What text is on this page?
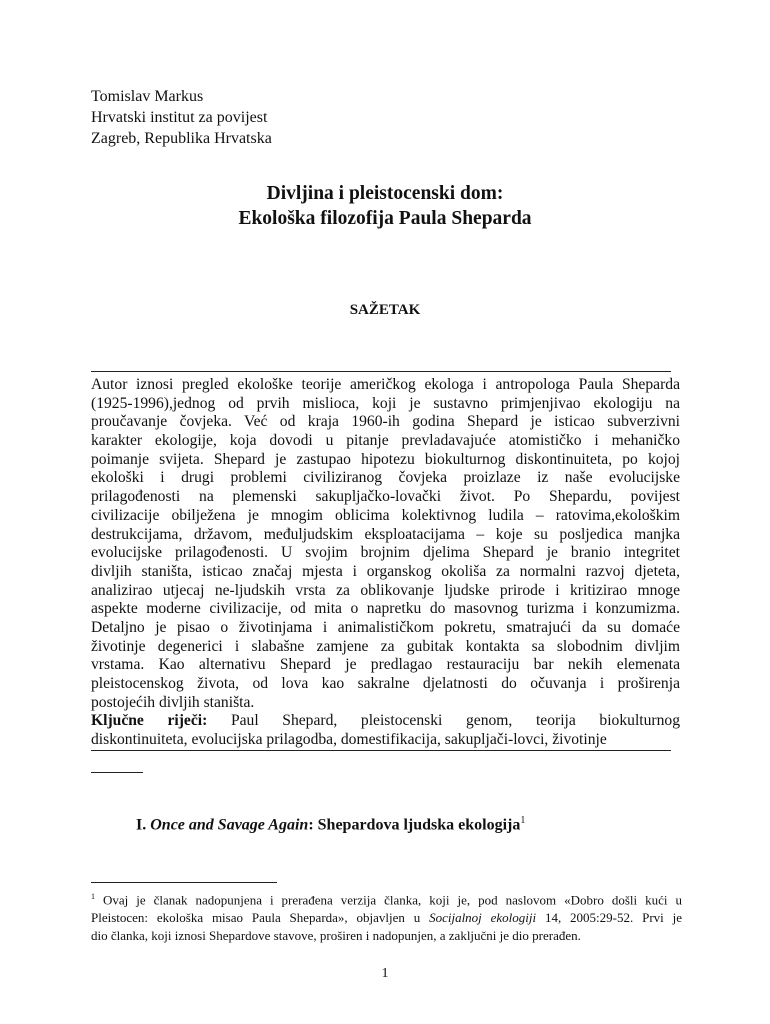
Tomislav Markus
Hrvatski institut za povijest
Zagreb, Republika Hrvatska
Divljina i pleistocenski dom:
Ekološka filozofija Paula Sheparda
SAŽETAK
Autor iznosi pregled ekološke teorije američkog ekologa i antropologa Paula Sheparda
(1925-1996),jednog od prvih mislioca, koji je sustavno primjenjivao ekologiju na
proučavanje čovjeka. Već od kraja 1960-ih godina Shepard je isticao subverzivni
karakter ekologije, koja dovodi u pitanje prevladavajuće atomističko i mehaničko
poimanje svijeta. Shepard je zastupao hipotezu biokulturnog diskontinuiteta, po kojoj
ekološki i drugi problemi civiliziranog čovjeka proizlaze iz naše evolucijske
prilagođenosti na plemenski sakupljačko-lovački život. Po Shepardu, povijest
civilizacije obilježena je mnogim oblicima kolektivnog ludila – ratovima,ekološkim
destrukcijama, državom, međuljudskim eksploatacijama – koje su posljedica manjka
evolucijske prilagođenosti. U svojim brojnim djelima Shepard je branio integritet
divljih staništa, isticao značaj mjesta i organskog okoliša za normalni razvoj djeteta,
analizirao utjecaj ne-ljudskih vrsta za oblikovanje ljudske prirode i kritizirao mnoge
aspekte moderne civilizacije, od mita o napretku do masovnog turizma i konzumizma.
Detaljno je pisao o životinjama i animalističkom pokretu, smatrajući da su domaće
životinje degenerici i slabašne zamjene za gubitak kontakta sa slobodnim divljim
vrstama. Kao alternativu Shepard je predlagao restauraciju bar nekih elemenata
pleistocenskog života, od lova kao sakralne djelatnosti do očuvanja i proširenja
postojećih divljih staništa.
Ključne riječi: Paul Shepard, pleistocenski genom, teorija biokulturnog
diskontinuiteta, evolucijska prilagodba, domestifikacija, sakupljači-lovci, životinje
I. Once and Savage Again: Shepardova ljudska ekologija$^1$
$^1$ Ovaj je članak nadopunjena i prerađena verzija članka, koji je, pod naslovom «Dobro došli kući u
Pleistocen: ekološka misao Paula Sheparda», objavljen u Socijalnoj ekologiji 14, 2005:29-52. Prvi je
dio članka, koji iznosi Shepardove stavove, proširen i nadopunjen, a zaključni je dio prerađen.
1
